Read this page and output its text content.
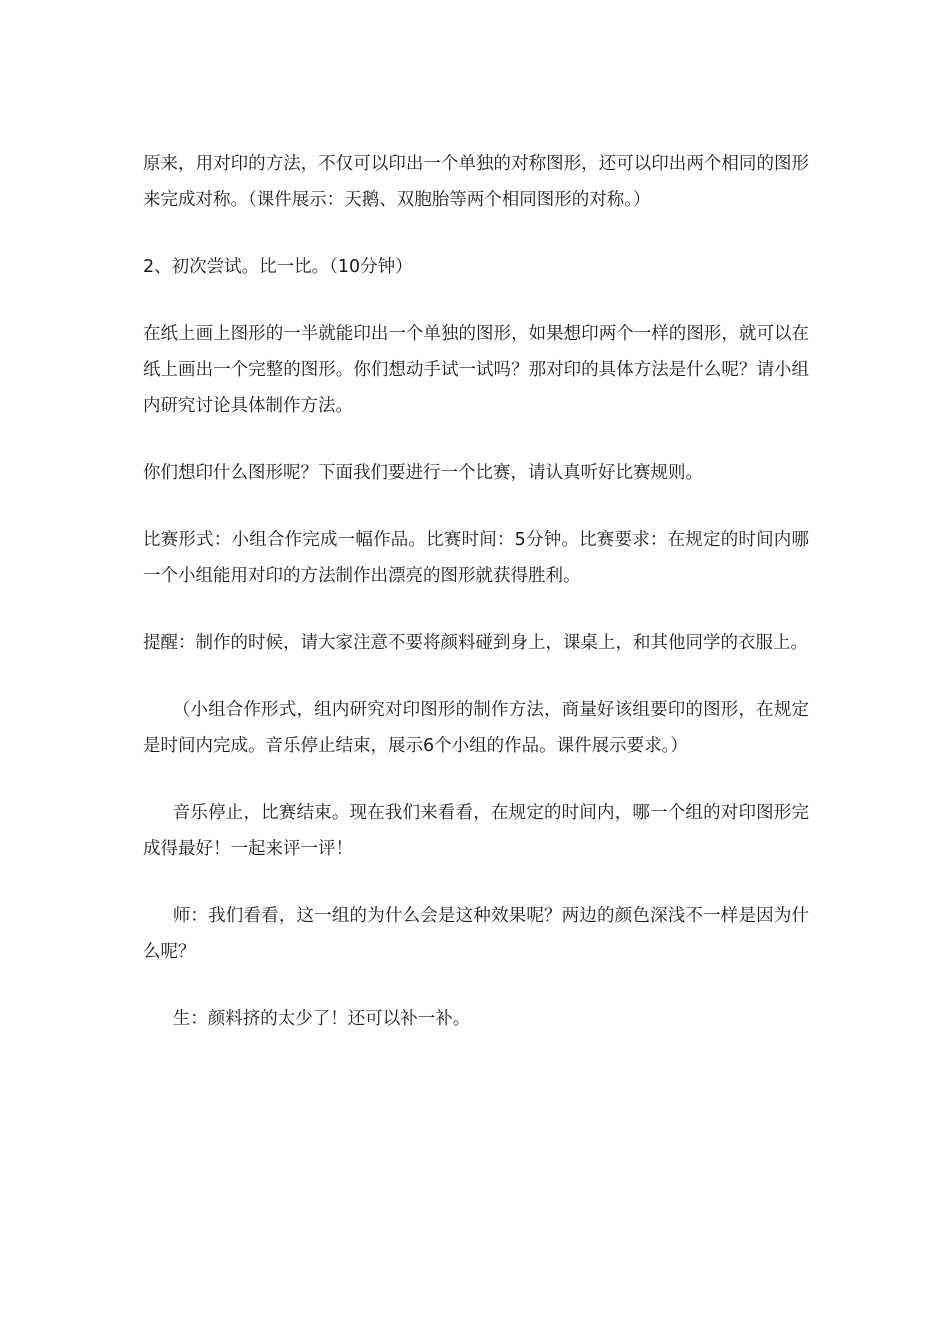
原来，用对印的方法，不仅可以印出一个单独的对称图形，还可以印出两个相同的图形来完成对称。（课件展示：天鹅、双胞胎等两个相同图形的对称。）

2、初次尝试。比一比。（10分钟）

在纸上画上图形的一半就能印出一个单独的图形，如果想印两个一样的图形，就可以在纸上画出一个完整的图形。你们想动手试一试吗？那对印的具体方法是什么呢？请小组内研究讨论具体制作方法。

你们想印什么图形呢？下面我们要进行一个比赛，请认真听好比赛规则。

比赛形式：小组合作完成一幅作品。比赛时间：5分钟。比赛要求：在规定的时间内哪一个小组能用对印的方法制作出漂亮的图形就获得胜利。

提醒：制作的时候，请大家注意不要将颜料碰到身上，课桌上，和其他同学的衣服上。

（小组合作形式，组内研究对印图形的制作方法，商量好该组要印的图形，在规定是时间内完成。音乐停止结束，展示6个小组的作品。课件展示要求。）

音乐停止，比赛结束。现在我们来看看，在规定的时间内，哪一个组的对印图形完成得最好！一起来评一评！

师：我们看看，这一组的为什么会是这种效果呢？两边的颜色深浅不一样是因为什么呢？

生：颜料挤的太少了！还可以补一补。
